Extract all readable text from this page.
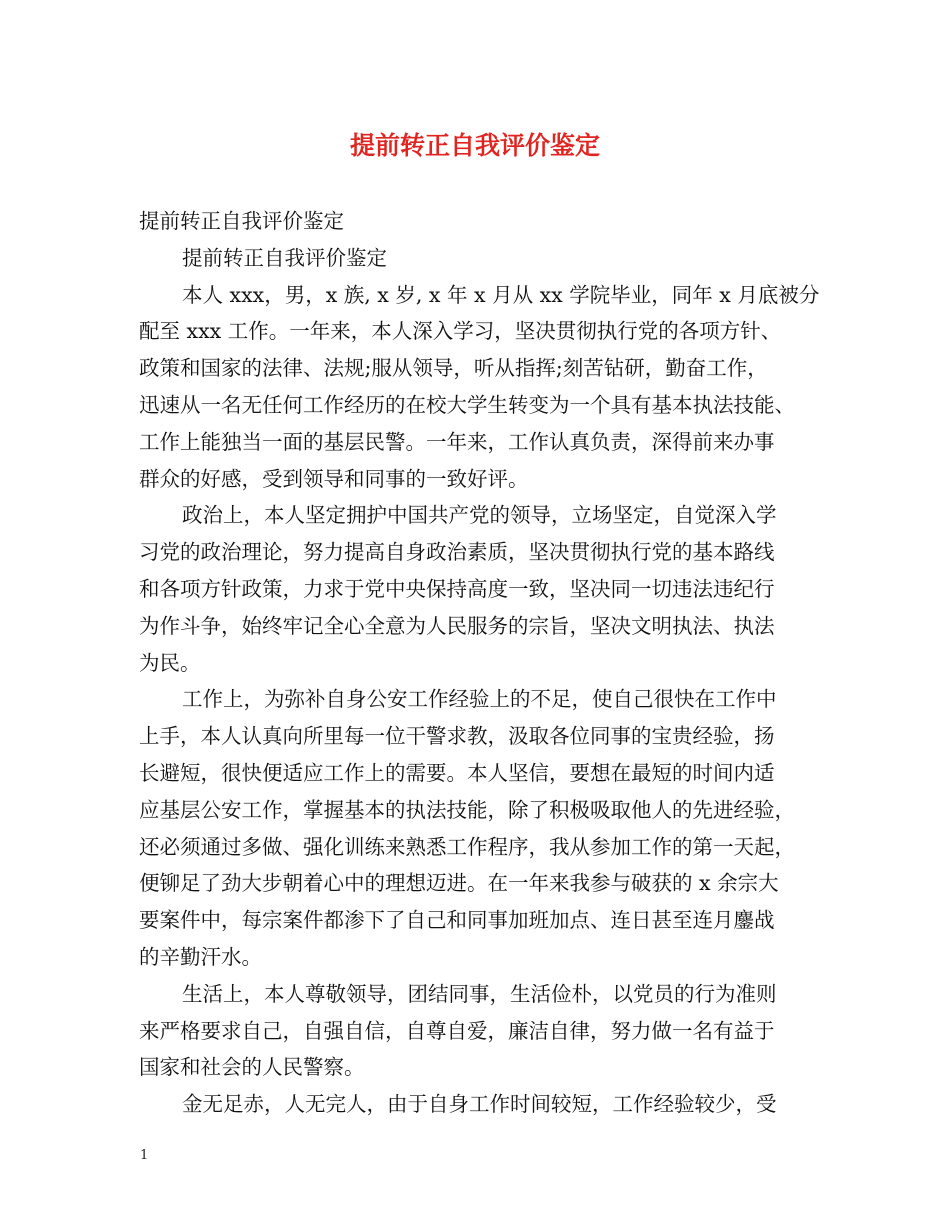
提前转正自我评价鉴定
提前转正自我评价鉴定
提前转正自我评价鉴定
本人 xxx，男，x 族, x 岁, x 年 x 月从 xx 学院毕业，同年 x 月底被分
配至 xxx 工作。一年来，本人深入学习，坚决贯彻执行党的各项方针、
政策和国家的法律、法规;服从领导，听从指挥;刻苦钻研，勤奋工作，
迅速从一名无任何工作经历的在校大学生转变为一个具有基本执法技能、
工作上能独当一面的基层民警。一年来，工作认真负责，深得前来办事
群众的好感，受到领导和同事的一致好评。
政治上，本人坚定拥护中国共产党的领导，立场坚定，自觉深入学
习党的政治理论，努力提高自身政治素质，坚决贯彻执行党的基本路线
和各项方针政策，力求于党中央保持高度一致，坚决同一切违法违纪行
为作斗争，始终牢记全心全意为人民服务的宗旨，坚决文明执法、执法
为民。
工作上，为弥补自身公安工作经验上的不足，使自己很快在工作中
上手，本人认真向所里每一位干警求教，汲取各位同事的宝贵经验，扬
长避短，很快便适应工作上的需要。本人坚信，要想在最短的时间内适
应基层公安工作，掌握基本的执法技能，除了积极吸取他人的先进经验，
还必须通过多做、强化训练来熟悉工作程序，我从参加工作的第一天起，
便铆足了劲大步朝着心中的理想迈进。在一年来我参与破获的 x 余宗大
要案件中，每宗案件都渗下了自己和同事加班加点、连日甚至连月鏖战
的辛勤汗水。
生活上，本人尊敬领导，团结同事，生活俭朴，以党员的行为准则
来严格要求自己，自强自信，自尊自爱，廉洁自律，努力做一名有益于
国家和社会的人民警察。
金无足赤，人无完人，由于自身工作时间较短，工作经验较少，受
1
